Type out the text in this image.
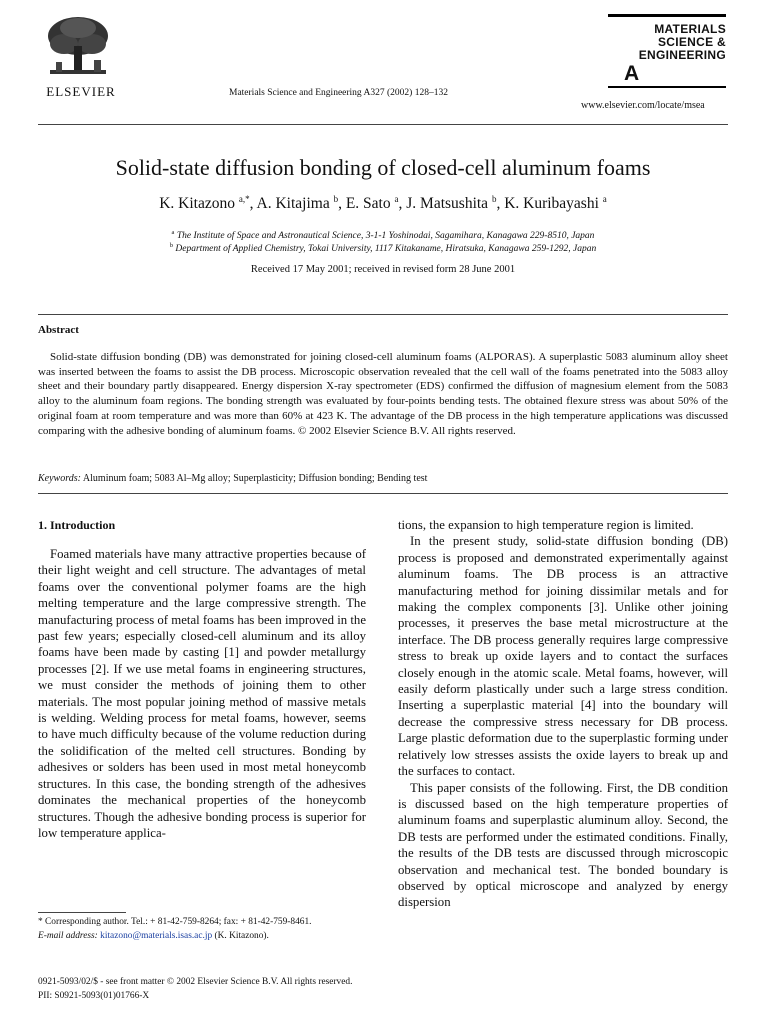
ELSEVIER	Materials Science and Engineering A327 (2002) 128–132
MATERIALS
SCIENCE &
ENGINEERING
A
www.elsevier.com/locate/msea
Solid-state diffusion bonding of closed-cell aluminum foams
K. Kitazono $^{a,*}$, A. Kitajima $^b$, E. Sato $^a$, J. Matsushita $^b$, K. Kuribayashi $^a$
$^a$ The Institute of Space and Astronautical Science, 3-1-1 Yoshinodai, Sagamihara, Kanagawa 229-8510, Japan
$^b$ Department of Applied Chemistry, Tokai University, 1117 Kitakaname, Hiratsuka, Kanagawa 259-1292, Japan
Received 17 May 2001; received in revised form 28 June 2001
Abstract
Solid-state diffusion bonding (DB) was demonstrated for joining closed-cell aluminum foams (ALPORAS). A superplastic 5083 aluminum alloy sheet was inserted between the foams to assist the DB process. Microscopic observation revealed that the cell wall of the foams penetrated into the 5083 alloy sheet and their boundary partly disappeared. Energy dispersion X-ray spectrometer (EDS) confirmed the diffusion of magnesium element from the 5083 alloy to the aluminum foam regions. The bonding strength was evaluated by four-points bending tests. The obtained flexure stress was about 50% of the original foam at room temperature and was more than 60% at 423 K. The advantage of the DB process in the high temperature applications was discussed comparing with the adhesive bonding of aluminum foams. © 2002 Elsevier Science B.V. All rights reserved.
Keywords: Aluminum foam; 5083 Al–Mg alloy; Superplasticity; Diffusion bonding; Bending test
1. Introduction

Foamed materials have many attractive properties because of their light weight and cell structure. The advantages of metal foams over the conventional polymer foams are the high melting temperature and the large compressive strength. The manufacturing process of metal foams has been improved in the past few years; especially closed-cell aluminum and its alloy foams have been made by casting [1] and powder metallurgy processes [2]. If we use metal foams in engineering structures, we must consider the methods of joining them to other materials. The most popular joining method of massive metals is welding. Welding process for metal foams, however, seems to have much difficulty because of the volume reduction during the solidification of the melted cell structures. Bonding by adhesives or solders has been used in most metal honeycomb structures. In this case, the bonding strength of the adhesives dominates the mechanical properties of the honeycomb structures. Though the adhesive bonding process is superior for low temperature applica-

tions, the expansion to high temperature region is limited.

In the present study, solid-state diffusion bonding (DB) process is proposed and demonstrated experimentally against aluminum foams. The DB process is an attractive manufacturing method for joining dissimilar metals and for making the complex components [3]. Unlike other joining processes, it preserves the base metal microstructure at the interface. The DB process generally requires large compressive stress to break up oxide layers and to contact the surfaces closely enough in the atomic scale. Metal foams, however, will easily deform plastically under such a large stress condition. Inserting a superplastic material [4] into the boundary will decrease the compressive stress necessary for DB process. Large plastic deformation due to the superplastic forming under relatively low stresses assists the oxide layers to break up and the surfaces to contact.

This paper consists of the following. First, the DB condition is discussed based on the high temperature properties of aluminum foams and superplastic aluminum alloy. Second, the DB tests are performed under the estimated conditions. Finally, the results of the DB tests are discussed through microscopic observation and mechanical test. The bonded boundary is observed by optical microscope and analyzed by energy dispersion

* Corresponding author. Tel.: + 81-42-759-8264; fax: + 81-42-759-8461.
E-mail address: kitazono@materials.isas.ac.jp (K. Kitazono).
0921-5093/02/$ - see front matter © 2002 Elsevier Science B.V. All rights reserved.
PII: S0921-5093(01)01766-X
